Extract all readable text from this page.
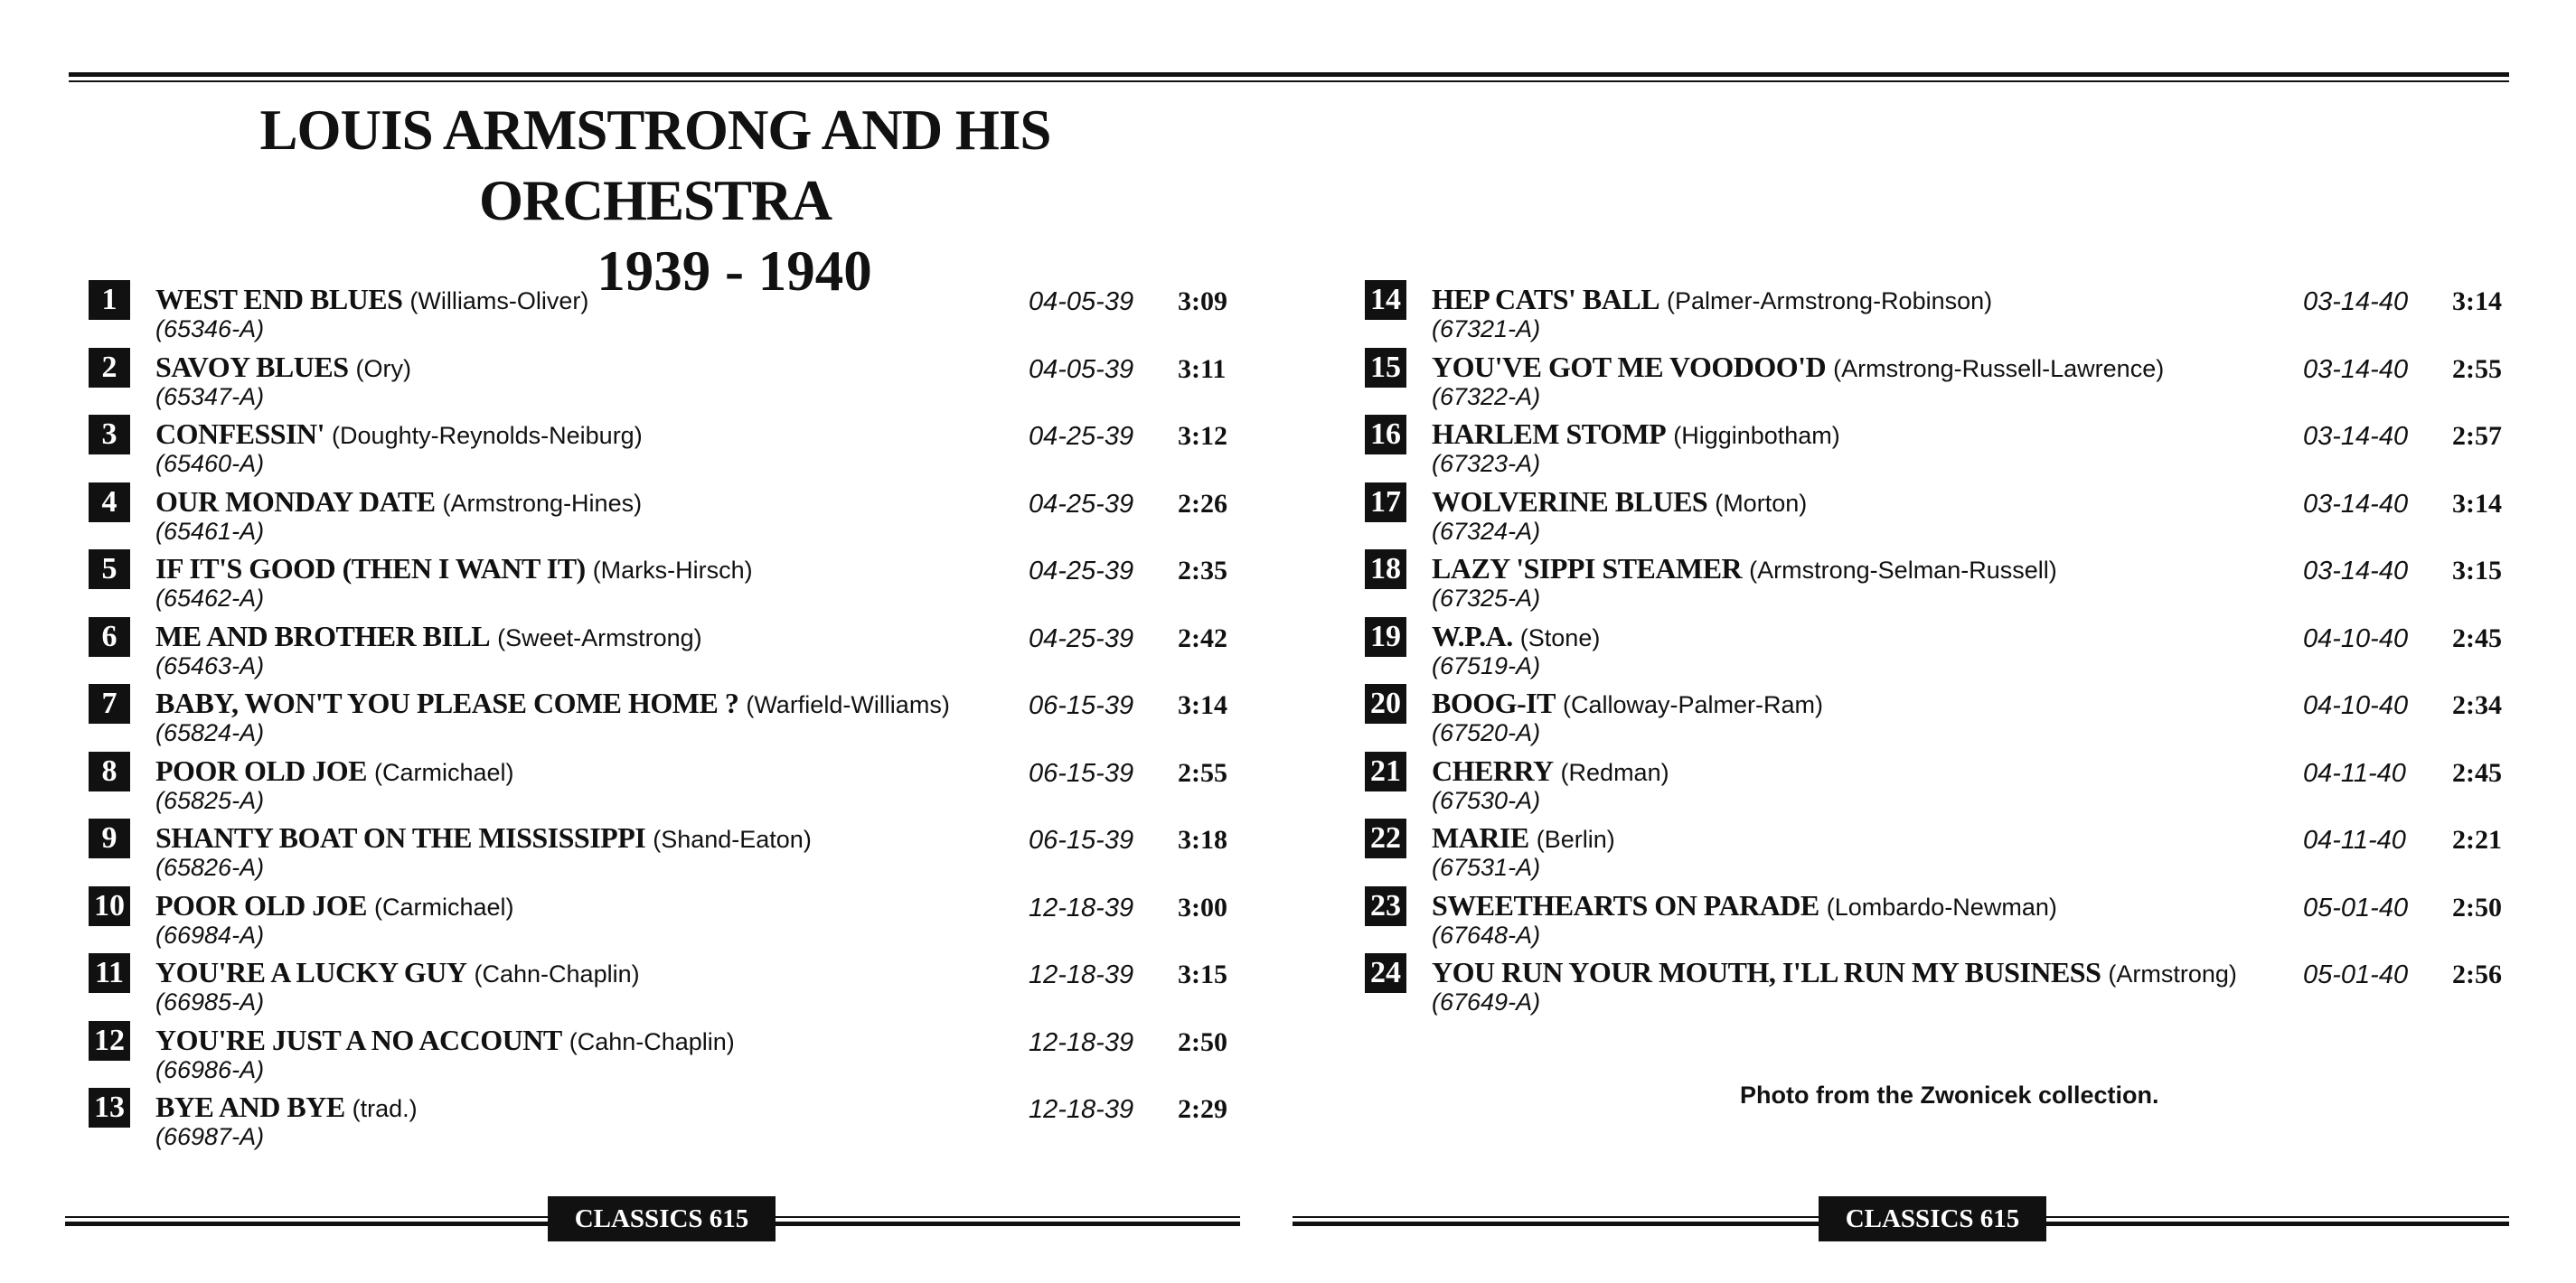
LOUIS ARMSTRONG AND HIS ORCHESTRA
1939 - 1940
1	WEST END BLUES (Williams-Oliver)
(65346-A)
04-05-39 3:09
2	SAVOY BLUES (Ory)
(65347-A)
04-05-39 3:11
3	CONFESSIN' (Doughty-Reynolds-Neiburg)
(65460-A)
04-25-39 3:12
4	OUR MONDAY DATE (Armstrong-Hines)
(65461-A)
04-25-39 2:26
5	IF IT'S GOOD (THEN I WANT IT) (Marks-Hirsch)
(65462-A)
04-25-39 2:35
6	ME AND BROTHER BILL (Sweet-Armstrong)
(65463-A)
04-25-39 2:42
7	BABY, WON'T YOU PLEASE COME HOME ? (Warfield-Williams)
(65824-A)
06-15-39 3:14
8	POOR OLD JOE (Carmichael)
(65825-A)
06-15-39 2:55
9	SHANTY BOAT ON THE MISSISSIPPI (Shand-Eaton)
(65826-A)
06-15-39 3:18
10 POOR OLD JOE (Carmichael)
(66984-A)
12-18-39 3:00
11 YOU'RE A LUCKY GUY (Cahn-Chaplin)
(66985-A)
12-18-39 3:15
12 YOU'RE JUST A NO ACCOUNT (Cahn-Chaplin)
(66986-A)
12-18-39 2:50
13 BYE AND BYE (trad.)
(66987-A)
12-18-39 2:29
14 HEP CATS' BALL (Palmer-Armstrong-Robinson)
(67321-A)
03-14-40 3:14
15 YOU'VE GOT ME VOODOO'D (Armstrong-Russell-Lawrence)
(67322-A)
03-14-40 2:55
16 HARLEM STOMP (Higginbotham)
(67323-A)
03-14-40 2:57
17 WOLVERINE BLUES (Morton)
(67324-A)
03-14-40 3:14
18 LAZY 'SIPPI STEAMER (Armstrong-Selman-Russell)
(67325-A)
03-14-40 3:15
19 W.P.A. (Stone)
(67519-A)
04-10-40 2:45
20 BOOG-IT (Calloway-Palmer-Ram)
(67520-A)
04-10-40 2:34
21 CHERRY (Redman)
(67530-A)
04-11-40 2:45
22 MARIE (Berlin)
(67531-A)
04-11-40 2:21
23 SWEETHEARTS ON PARADE (Lombardo-Newman)
(67648-A)
05-01-40 2:50
24 YOU RUN YOUR MOUTH, I'LL RUN MY BUSINESS (Armstrong)
(67649-A)
05-01-40 2:56
Photo from the Zwonicek collection.
CLASSICS 615	CLASSICS 615
